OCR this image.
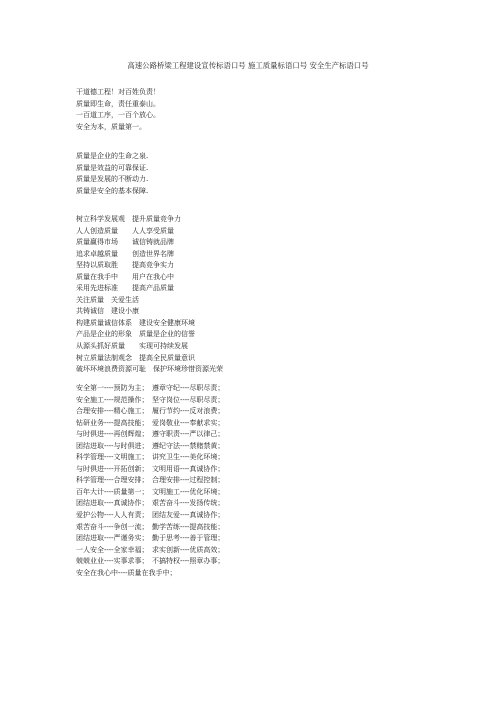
高速公路桥梁工程建设宣传标语口号 施工质量标语口号 安全生产标语口号
干道德工程！对百姓负责！
质量即生命，责任重泰山。
一百道工序，一百个放心。
安全为本，质量第一。
质量是企业的生命之泉.
质量是效益的可靠保证.
质量是发展的不断动力.
质量是安全的基本保障.
树立科学发展观　提升质量竞争力
人人创造质量　　人人享受质量
质量赢得市场　　诚信铸就品牌
追求卓越质量　　创造世界名牌
坚持以质取胜　　提高竞争实力
质量在我手中　　用户在我心中
采用先进标准　　提高产品质量
关注质量　关爱生活
共铸诚信　建设小康
构建质量诚信体系　建设安全健康环境
产品是企业的形象　质量是企业的信誉
从源头抓好质量　　实现可持续发展
树立质量法制观念　提高全民质量意识
破坏环境浪费资源可耻　保护环境珍惜资源光荣
安全第一----预防为主；　遵章守纪----尽职尽责；
安全施工----规范操作；　坚守岗位----尽职尽责；
合理安排----精心施工；　履行节约----反对浪费；
钻研业务----提高技能；　爱岗敬业----奉献求实；
与时俱进----再创辉煌；　遵守职责----严以律己；
团结进取----与时俱进；　遵纪守法----禁赌禁黄；
科学管理----文明施工；　讲究卫生----美化环境；
与时俱进----开拓创新；　文明用语----真诚协作；
科学管理----合理安排；　合理安排----过程控制；
百年大计----质量第一；　文明施工----优化环境；
团结进取----真诚协作；　艰苦奋斗----发扬传统；
爱护公物----人人有责；　团结友爱----真诚协作；
艰苦奋斗----争创一流；　勤学苦练----提高技能；
团结进取----严谨务实；　勤于思考----善于管理；
一人安全----全家幸福；　求实创新----优质高效；
兢兢业业----实事求事；　不搞特权----照章办事；
安全在我心中----质量在我手中；
